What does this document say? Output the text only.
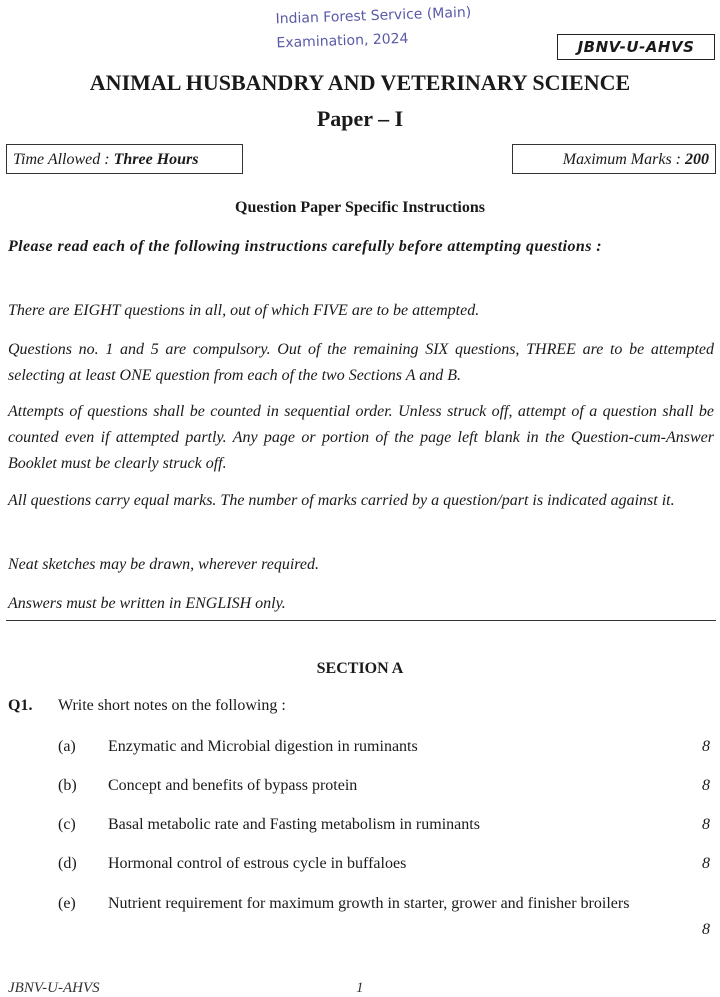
Indian Forest Service (Main)
Examination, 2024	JBNV-U-AHVS
ANIMAL HUSBANDRY AND VETERINARY SCIENCE
Paper – I
Time Allowed : Three Hours	Maximum Marks : 200
Question Paper Specific Instructions
Please read each of the following instructions carefully before attempting questions :
There are EIGHT questions in all, out of which FIVE are to be attempted.
Questions no. 1 and 5 are compulsory. Out of the remaining SIX questions, THREE are to be attempted selecting at least ONE question from each of the two Sections A and B.
Attempts of questions shall be counted in sequential order. Unless struck off, attempt of a question shall be counted even if attempted partly. Any page or portion of the page left blank in the Question-cum-Answer Booklet must be clearly struck off.
All questions carry equal marks. The number of marks carried by a question/part is indicated against it.
Neat sketches may be drawn, wherever required.
Answers must be written in ENGLISH only.
SECTION A
Q1. Write short notes on the following :
(a) Enzymatic and Microbial digestion in ruminants	8
(b) Concept and benefits of bypass protein	8
(c) Basal metabolic rate and Fasting metabolism in ruminants	8
(d) Hormonal control of estrous cycle in buffaloes	8
(e) Nutrient requirement for maximum growth in starter, grower and finisher broilers
8
JBNV-U-AHVS	1
